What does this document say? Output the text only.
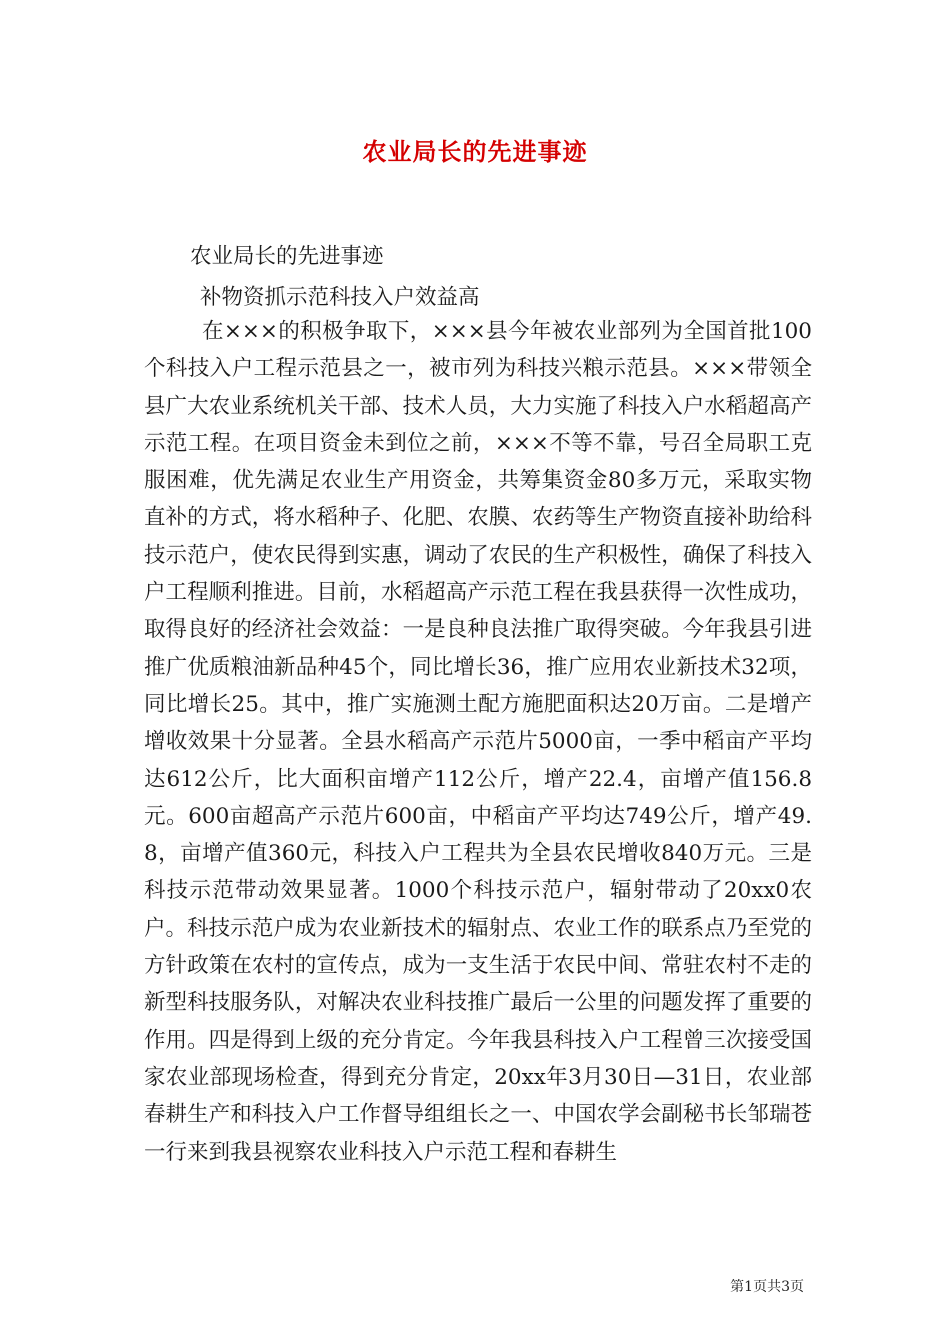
农业局长的先进事迹
农业局长的先进事迹
补物资抓示范科技入户效益高
在×××的积极争取下，×××县今年被农业部列为全国首批100个科技入户工程示范县之一，被市列为科技兴粮示范县。×××带领全县广大农业系统机关干部、技术人员，大力实施了科技入户水稻超高产示范工程。在项目资金未到位之前，×××不等不靠，号召全局职工克服困难，优先满足农业生产用资金，共筹集资金80多万元，采取实物直补的方式，将水稻种子、化肥、农膜、农药等生产物资直接补助给科技示范户，使农民得到实惠，调动了农民的生产积极性，确保了科技入户工程顺利推进。目前，水稻超高产示范工程在我县获得一次性成功，取得良好的经济社会效益：一是良种良法推广取得突破。今年我县引进推广优质粮油新品种45个，同比增长36，推广应用农业新技术32项，同比增长25。其中，推广实施测土配方施肥面积达20万亩。二是增产增收效果十分显著。全县水稻高产示范片5000亩，一季中稻亩产平均达612公斤，比大面积亩增产112公斤，增产22.4，亩增产值156.8元。600亩超高产示范片600亩，中稻亩产平均达749公斤，增产49.8，亩增产值360元，科技入户工程共为全县农民增收840万元。三是科技示范带动效果显著。1000个科技示范户，辐射带动了20xx0农户。科技示范户成为农业新技术的辐射点、农业工作的联系点乃至党的方针政策在农村的宣传点，成为一支生活于农民中间、常驻农村不走的新型科技服务队，对解决农业科技推广最后一公里的问题发挥了重要的作用。四是得到上级的充分肯定。今年我县科技入户工程曾三次接受国家农业部现场检查，得到充分肯定，20xx年3月30日—31日，农业部春耕生产和科技入户工作督导组组长之一、中国农学会副秘书长邹瑞苍一行来到我县视察农业科技入户示范工程和春耕生
第1页共3页
